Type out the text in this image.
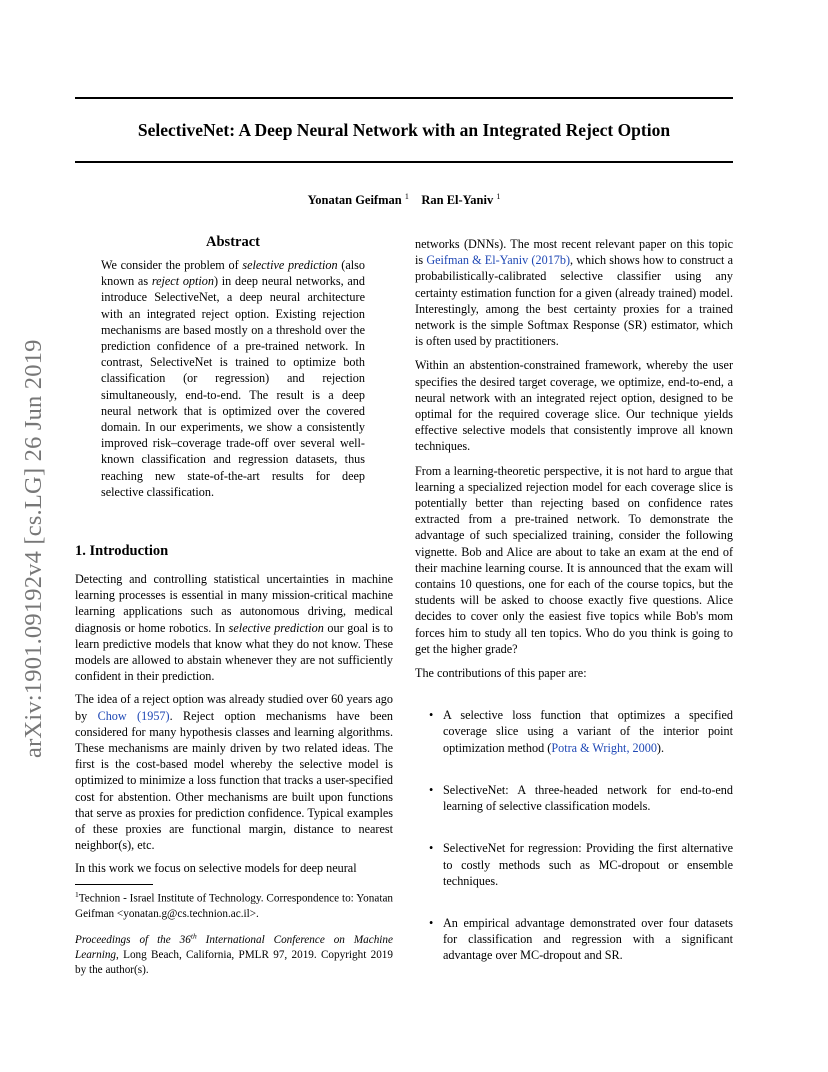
arXiv:1901.09192v4 [cs.LG] 26 Jun 2019
SelectiveNet: A Deep Neural Network with an Integrated Reject Option
Yonatan Geifman $^1$ Ran El-Yaniv $^1$
Abstract
We consider the problem of selective prediction (also known as reject option) in deep neural networks, and introduce SelectiveNet, a deep neural architecture with an integrated reject option. Existing rejection mechanisms are based mostly on a threshold over the prediction confidence of a pre-trained network. In contrast, SelectiveNet is trained to optimize both classification (or regression) and rejection simultaneously, end-to-end. The result is a deep neural network that is optimized over the covered domain. In our experiments, we show a consistently improved risk–coverage trade-off over several well-known classification and regression datasets, thus reaching new state-of-the-art results for deep selective classification.
1. Introduction

Detecting and controlling statistical uncertainties in machine learning processes is essential in many mission-critical machine learning applications such as autonomous driving, medical diagnosis or home robotics. In selective prediction our goal is to learn predictive models that know what they do not know. These models are allowed to abstain whenever they are not sufficiently confident in their prediction.

The idea of a reject option was already studied over 60 years ago by Chow (1957). Reject option mechanisms have been considered for many hypothesis classes and learning algorithms. These mechanisms are mainly driven by two related ideas. The first is the cost-based model whereby the selective model is optimized to minimize a loss function that tracks a user-specified cost for abstention. Other mechanisms are built upon functions that serve as proxies for prediction confidence. Typical examples of these proxies are functional margin, distance to nearest neighbor(s), etc.

In this work we focus on selective models for deep neural

$^1$Technion - Israel Institute of Technology. Correspondence to: Yonatan Geifman <yonatan.g@cs.technion.ac.il>.
Proceedings of the 36th International Conference on Machine Learning, Long Beach, California, PMLR 97, 2019. Copyright 2019 by the author(s).

networks (DNNs). The most recent relevant paper on this topic is Geifman & El-Yaniv (2017b), which shows how to construct a probabilistically-calibrated selective classifier using any certainty estimation function for a given (already trained) model. Interestingly, among the best certainty proxies for a trained network is the simple Softmax Response (SR) estimator, which is often used by practitioners.

Within an abstention-constrained framework, whereby the user specifies the desired target coverage, we optimize, end-to-end, a neural network with an integrated reject option, designed to be optimal for the required coverage slice. Our technique yields effective selective models that consistently improve all known techniques.

From a learning-theoretic perspective, it is not hard to argue that learning a specialized rejection model for each coverage slice is potentially better than rejecting based on confidence rates extracted from a pre-trained network. To demonstrate the advantage of such specialized training, consider the following vignette. Bob and Alice are about to take an exam at the end of their machine learning course. It is announced that the exam will contains 10 questions, one for each of the course topics, but the students will be asked to choose exactly five questions. Alice decides to cover only the easiest five topics while Bob's mom forces him to study all ten topics. Who do you think is going to get the higher grade?

The contributions of this paper are:

• A selective loss function that optimizes a specified coverage slice using a variant of the interior point optimization method (Potra & Wright, 2000).
• SelectiveNet: A three-headed network for end-to-end learning of selective classification models.
• SelectiveNet for regression: Providing the first alternative to costly methods such as MC-dropout or ensemble techniques.
• An empirical advantage demonstrated over four datasets for classification and regression with a significant advantage over MC-dropout and SR.
